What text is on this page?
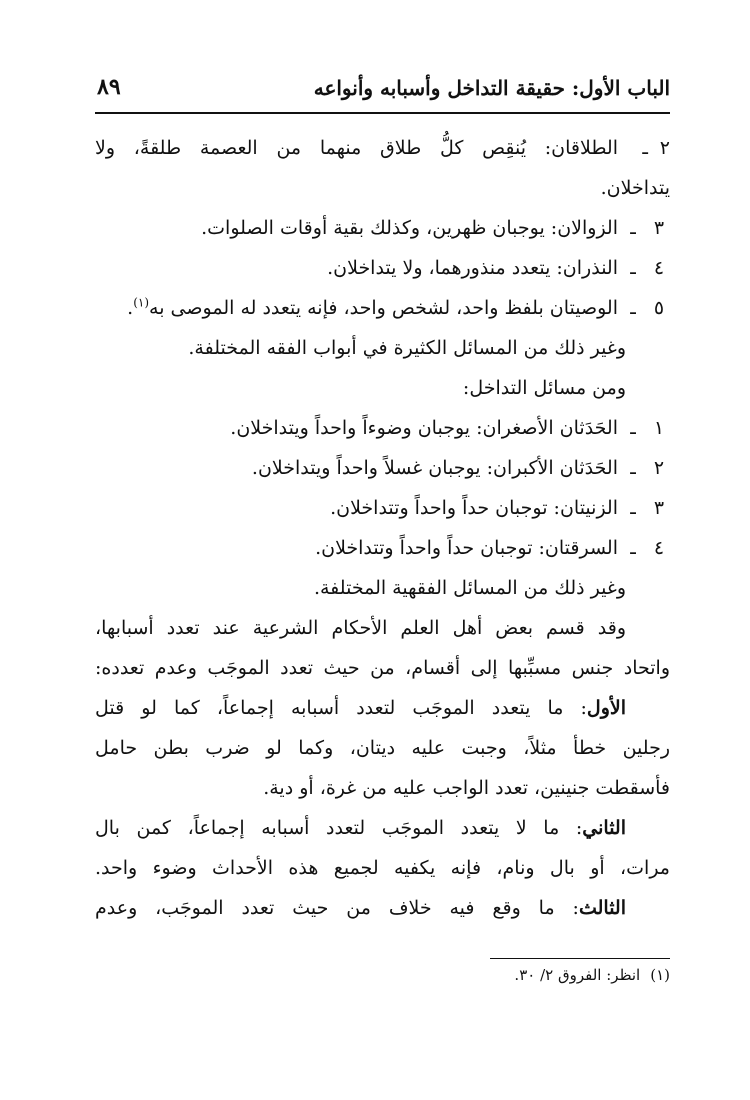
الباب الأول: حقيقة التداخل وأسبابه وأنواعه
٨٩
٢ـالطلاقان: يُنقِص كلُّ طلاق منهما من العصمة طلقةً، ولا
يتداخلان.
٣ـالزوالان: يوجبان ظهرين، وكذلك بقية أوقات الصلوات.
٤ـالنذران: يتعدد منذورهما، ولا يتداخلان.
٥ـالوصيتان بلفظ واحد، لشخص واحد، فإنه يتعدد له الموصى به$^{(١)}$.
وغير ذلك من المسائل الكثيرة في أبواب الفقه المختلفة.
ومن مسائل التداخل:
١ـالحَدَثان الأصغران: يوجبان وضوءاً واحداً ويتداخلان.
٢ـالحَدَثان الأكبران: يوجبان غسلاً واحداً ويتداخلان.
٣ـالزنيتان: توجبان حداً واحداً وتتداخلان.
٤ـالسرقتان: توجبان حداً واحداً وتتداخلان.
وغير ذلك من المسائل الفقهية المختلفة.
وقد قسم بعض أهل العلم الأحكام الشرعية عند تعدد أسبابها،
واتحاد جنس مسبِّبها إلى أقسام، من حيث تعدد الموجَب وعدم تعدده:
الأول: ما يتعدد الموجَب لتعدد أسبابه إجماعاً، كما لو قتل
رجلين خطأ مثلاً، وجبت عليه ديتان، وكما لو ضرب بطن حامل
فأسقطت جنينين، تعدد الواجب عليه من غرة، أو دية.
الثاني: ما لا يتعدد الموجَب لتعدد أسبابه إجماعاً، كمن بال
مرات، أو بال ونام، فإنه يكفيه لجميع هذه الأحداث وضوء واحد.
الثالث: ما وقع فيه خلاف من حيث تعدد الموجَب، وعدم
(١)انظر: الفروق ٢/ ٣٠.
